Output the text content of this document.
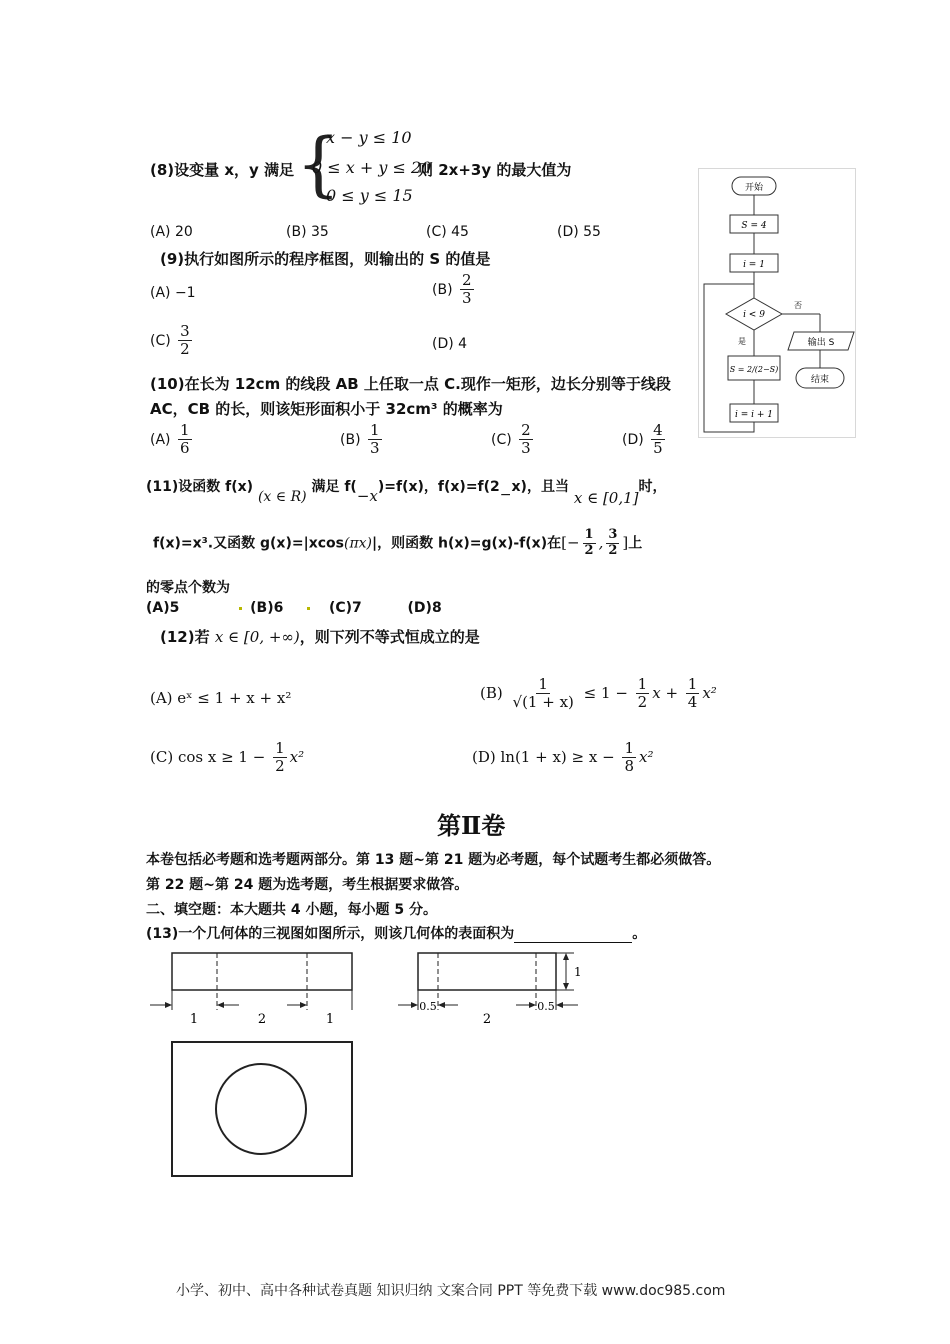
{
x − y ≤ 10
(8)设变量 x，y 满足 0 ≤ x + y ≤ 20
则 2x+3y 的最大值为
0 ≤ y ≤ 15
(A) 20	(B) 35	(C) 45	(D) 55
(9)执行如图所示的程序框图，则输出的 S 的值是
(A) −1	$(B) \frac{2}{3}$
$(C) \frac{3}{2}$	(D) 4
开始
S = 4
i = 1
i < 9
否
输出 S
结束
是
S = 2/(2−S)
i = i + 1
(10)在长为 12cm 的线段 AB 上任取一点 C.现作一矩形，边长分别等于线段
AC，CB 的长，则该矩形面积小于 32cm³ 的概率为
$(A) \frac{1}{6}$	$(B) \frac{1}{3}$	$(C) \frac{2}{3}$	$(D) \frac{4}{5}$
(11)设函数 f(x) (x ∈ R) 满足 f(−x)=f(x)，f(x)=f(2−x)，且当 x ∈ [0,1]时，
f(x)=x³.又函数 g(x)=|xcos(πx)|，则函数 h(x)=g(x)-f(x)在[− $\frac{1}{2}$ , $\frac{3}{2}$ ]上
的零点个数为
(A)5	(B)6	(C)7	(D)8
(12)若 x ∈ [0, +∞)，则下列不等式恒成立的是
(A) eˣ ≤ 1 + x + x²	$(B) \frac{1}{√(1 + x)} \le 1 - \frac{1}{2}$ $x + \frac{1}{4} x^2$
(C) $\cos x \ge 1 - \frac{1}{2} x^2$	(D) $\ln(1 + x) \ge x - \frac{1}{8} x^2$
第Ⅱ卷
本卷包括必考题和选考题两部分。第 13 题~第 21 题为必考题，每个试题考生都必须做答。
第 22 题~第 24 题为选考题，考生根据要求做答。
二、填空题：本大题共 4 小题，每小题 5 分。
(13)一个几何体的三视图如图所示，则该几何体的表面积为	。
1	2	1
1
0.5
2
0.5
小学、初中、高中各种试卷真题 知识归纳 文案合同 PPT 等免费下载 www.doc985.com
